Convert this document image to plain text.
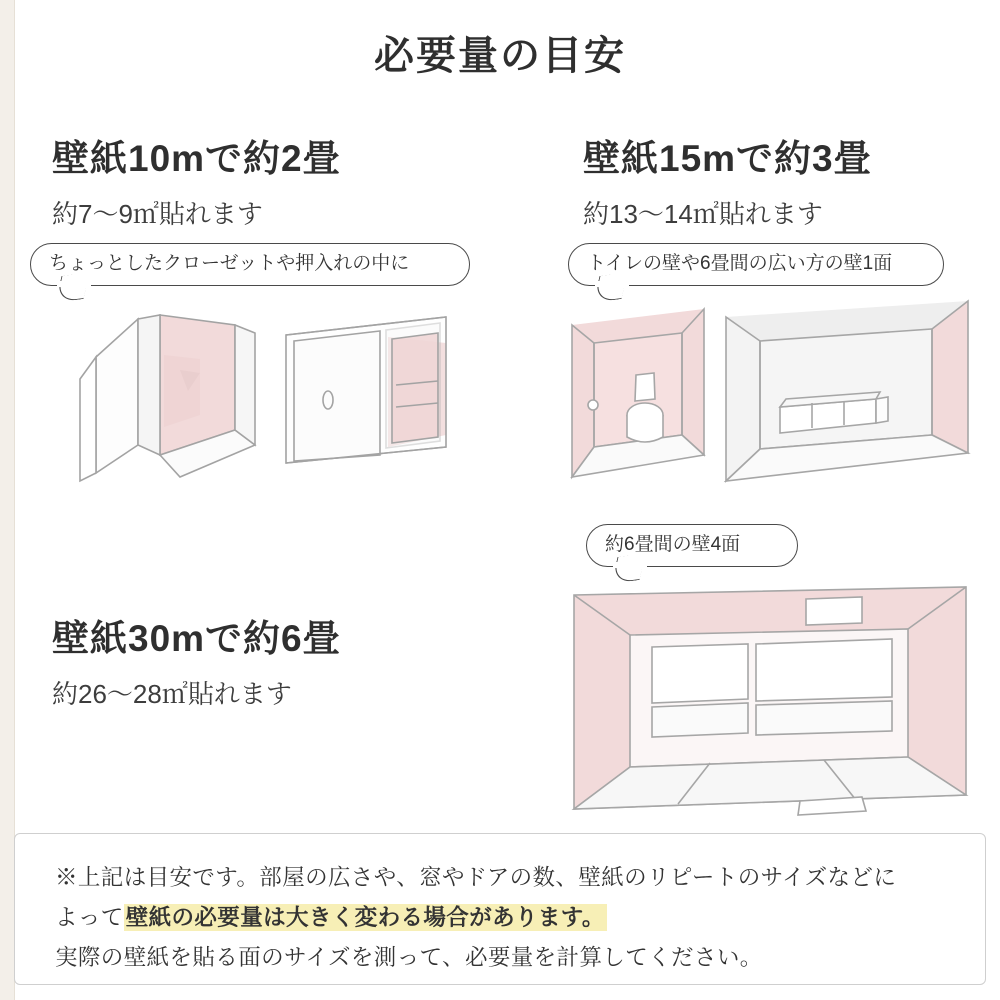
必要量の目安
壁紙10mで約2畳
約7〜9㎡貼れます
ちょっとしたクローゼットや押入れの中に
壁紙15mで約3畳
約13〜14㎡貼れます
トイレの壁や6畳間の広い方の壁1面
壁紙30mで約6畳
約26〜28㎡貼れます
約6畳間の壁4面
※上記は目安です。部屋の広さや、窓やドアの数、壁紙のリピートのサイズなどに
よって壁紙の必要量は大きく変わる場合があります。
実際の壁紙を貼る面のサイズを測って、必要量を計算してください。
